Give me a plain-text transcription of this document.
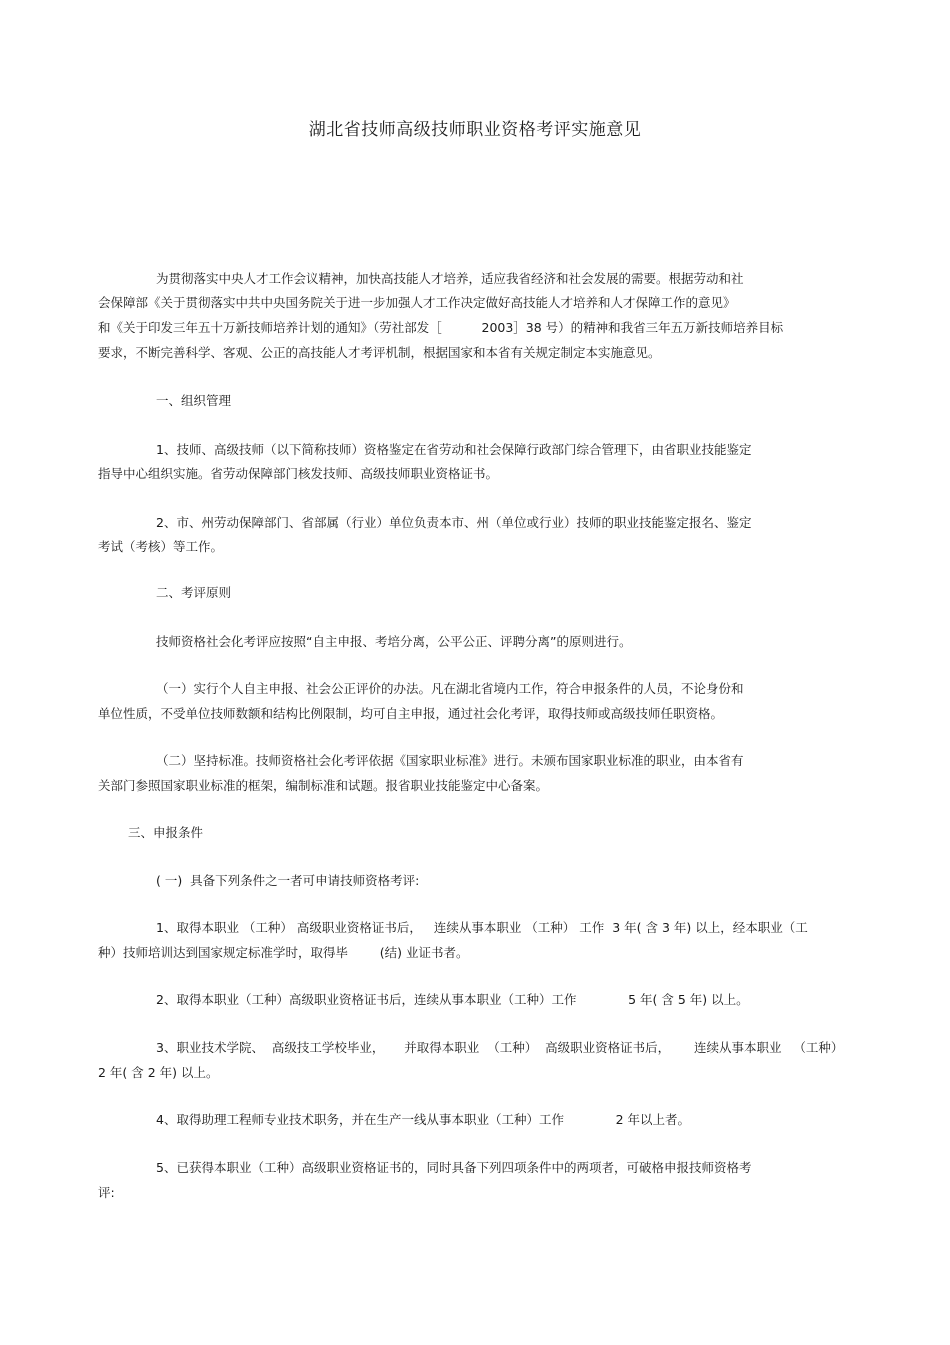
湖北省技师高级技师职业资格考评实施意见
为贯彻落实中央人才工作会议精神，加快高技能人才培养，适应我省经济和社会发展的需要。根据劳动和社
会保障部《关于贯彻落实中共中央国务院关于进一步加强人才工作决定做好高技能人才培养和人才保障工作的意见》
和《关于印发三年五十万新技师培养计划的通知》（劳社部发［          2003］38 号）的精神和我省三年五万新技师培养目标
要求，不断完善科学、客观、公正的高技能人才考评机制，根据国家和本省有关规定制定本实施意见。
一、组织管理
1、技师、高级技师（以下简称技师）资格鉴定在省劳动和社会保障行政部门综合管理下，由省职业技能鉴定
指导中心组织实施。省劳动保障部门核发技师、高级技师职业资格证书。
2、市、州劳动保障部门、省部属（行业）单位负责本市、州（单位或行业）技师的职业技能鉴定报名、鉴定
考试（考核）等工作。
二、考评原则
技师资格社会化考评应按照“自主申报、考培分离，公平公正、评聘分离”的原则进行。
（一）实行个人自主申报、社会公正评价的办法。凡在湖北省境内工作，符合申报条件的人员，不论身份和
单位性质，不受单位技师数额和结构比例限制，均可自主申报，通过社会化考评，取得技师或高级技师任职资格。
（二）坚持标准。技师资格社会化考评依据《国家职业标准》进行。未颁布国家职业标准的职业，由本省有
关部门参照国家职业标准的框架，编制标准和试题。报省职业技能鉴定中心备案。
三、申报条件
( 一)  具备下列条件之一者可申请技师资格考评:
1、取得本职业 （工种） 高级职业资格证书后，   连续从事本职业 （工种） 工作  3 年( 含 3 年) 以上，经本职业（工
种）技师培训达到国家规定标准学时，取得毕        (结) 业证书者。
2、取得本职业（工种）高级职业资格证书后，连续从事本职业（工种）工作             5 年( 含 5 年) 以上。
3、职业技术学院、  高级技工学校毕业，     并取得本职业  （工种）  高级职业资格证书后，      连续从事本职业   （工种）
2 年( 含 2 年) 以上。
4、取得助理工程师专业技术职务，并在生产一线从事本职业（工种）工作             2 年以上者。
5、已获得本职业（工种）高级职业资格证书的，同时具备下列四项条件中的两项者，可破格申报技师资格考
评:
